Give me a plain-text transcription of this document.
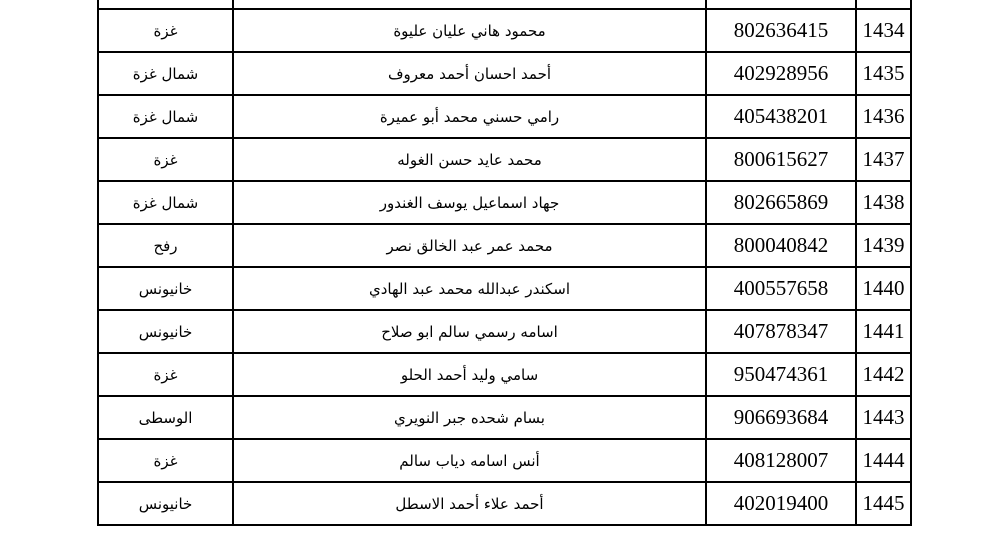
غزة	محمود هاني عليان عليوة	802636415	1434
شمال غزة	أحمد احسان أحمد معروف	402928956	1435
شمال غزة	رامي حسني محمد أبو عميرة	405438201	1436
غزة	محمد عايد حسن الغوله	800615627	1437
شمال غزة	جهاد اسماعيل يوسف الغندور	802665869	1438
رفح	محمد عمر عبد الخالق نصر	800040842	1439
خانيونس	اسكندر عبدالله محمد عبد الهادي	400557658	1440
خانيونس	اسامه رسمي سالم ابو صلاح	407878347	1441
غزة	سامي وليد أحمد الحلو	950474361	1442
الوسطى	بسام شحده جبر النويري	906693684	1443
غزة	أنس اسامه دياب سالم	408128007	1444
خانيونس	أحمد علاء أحمد الاسطل	402019400	1445
